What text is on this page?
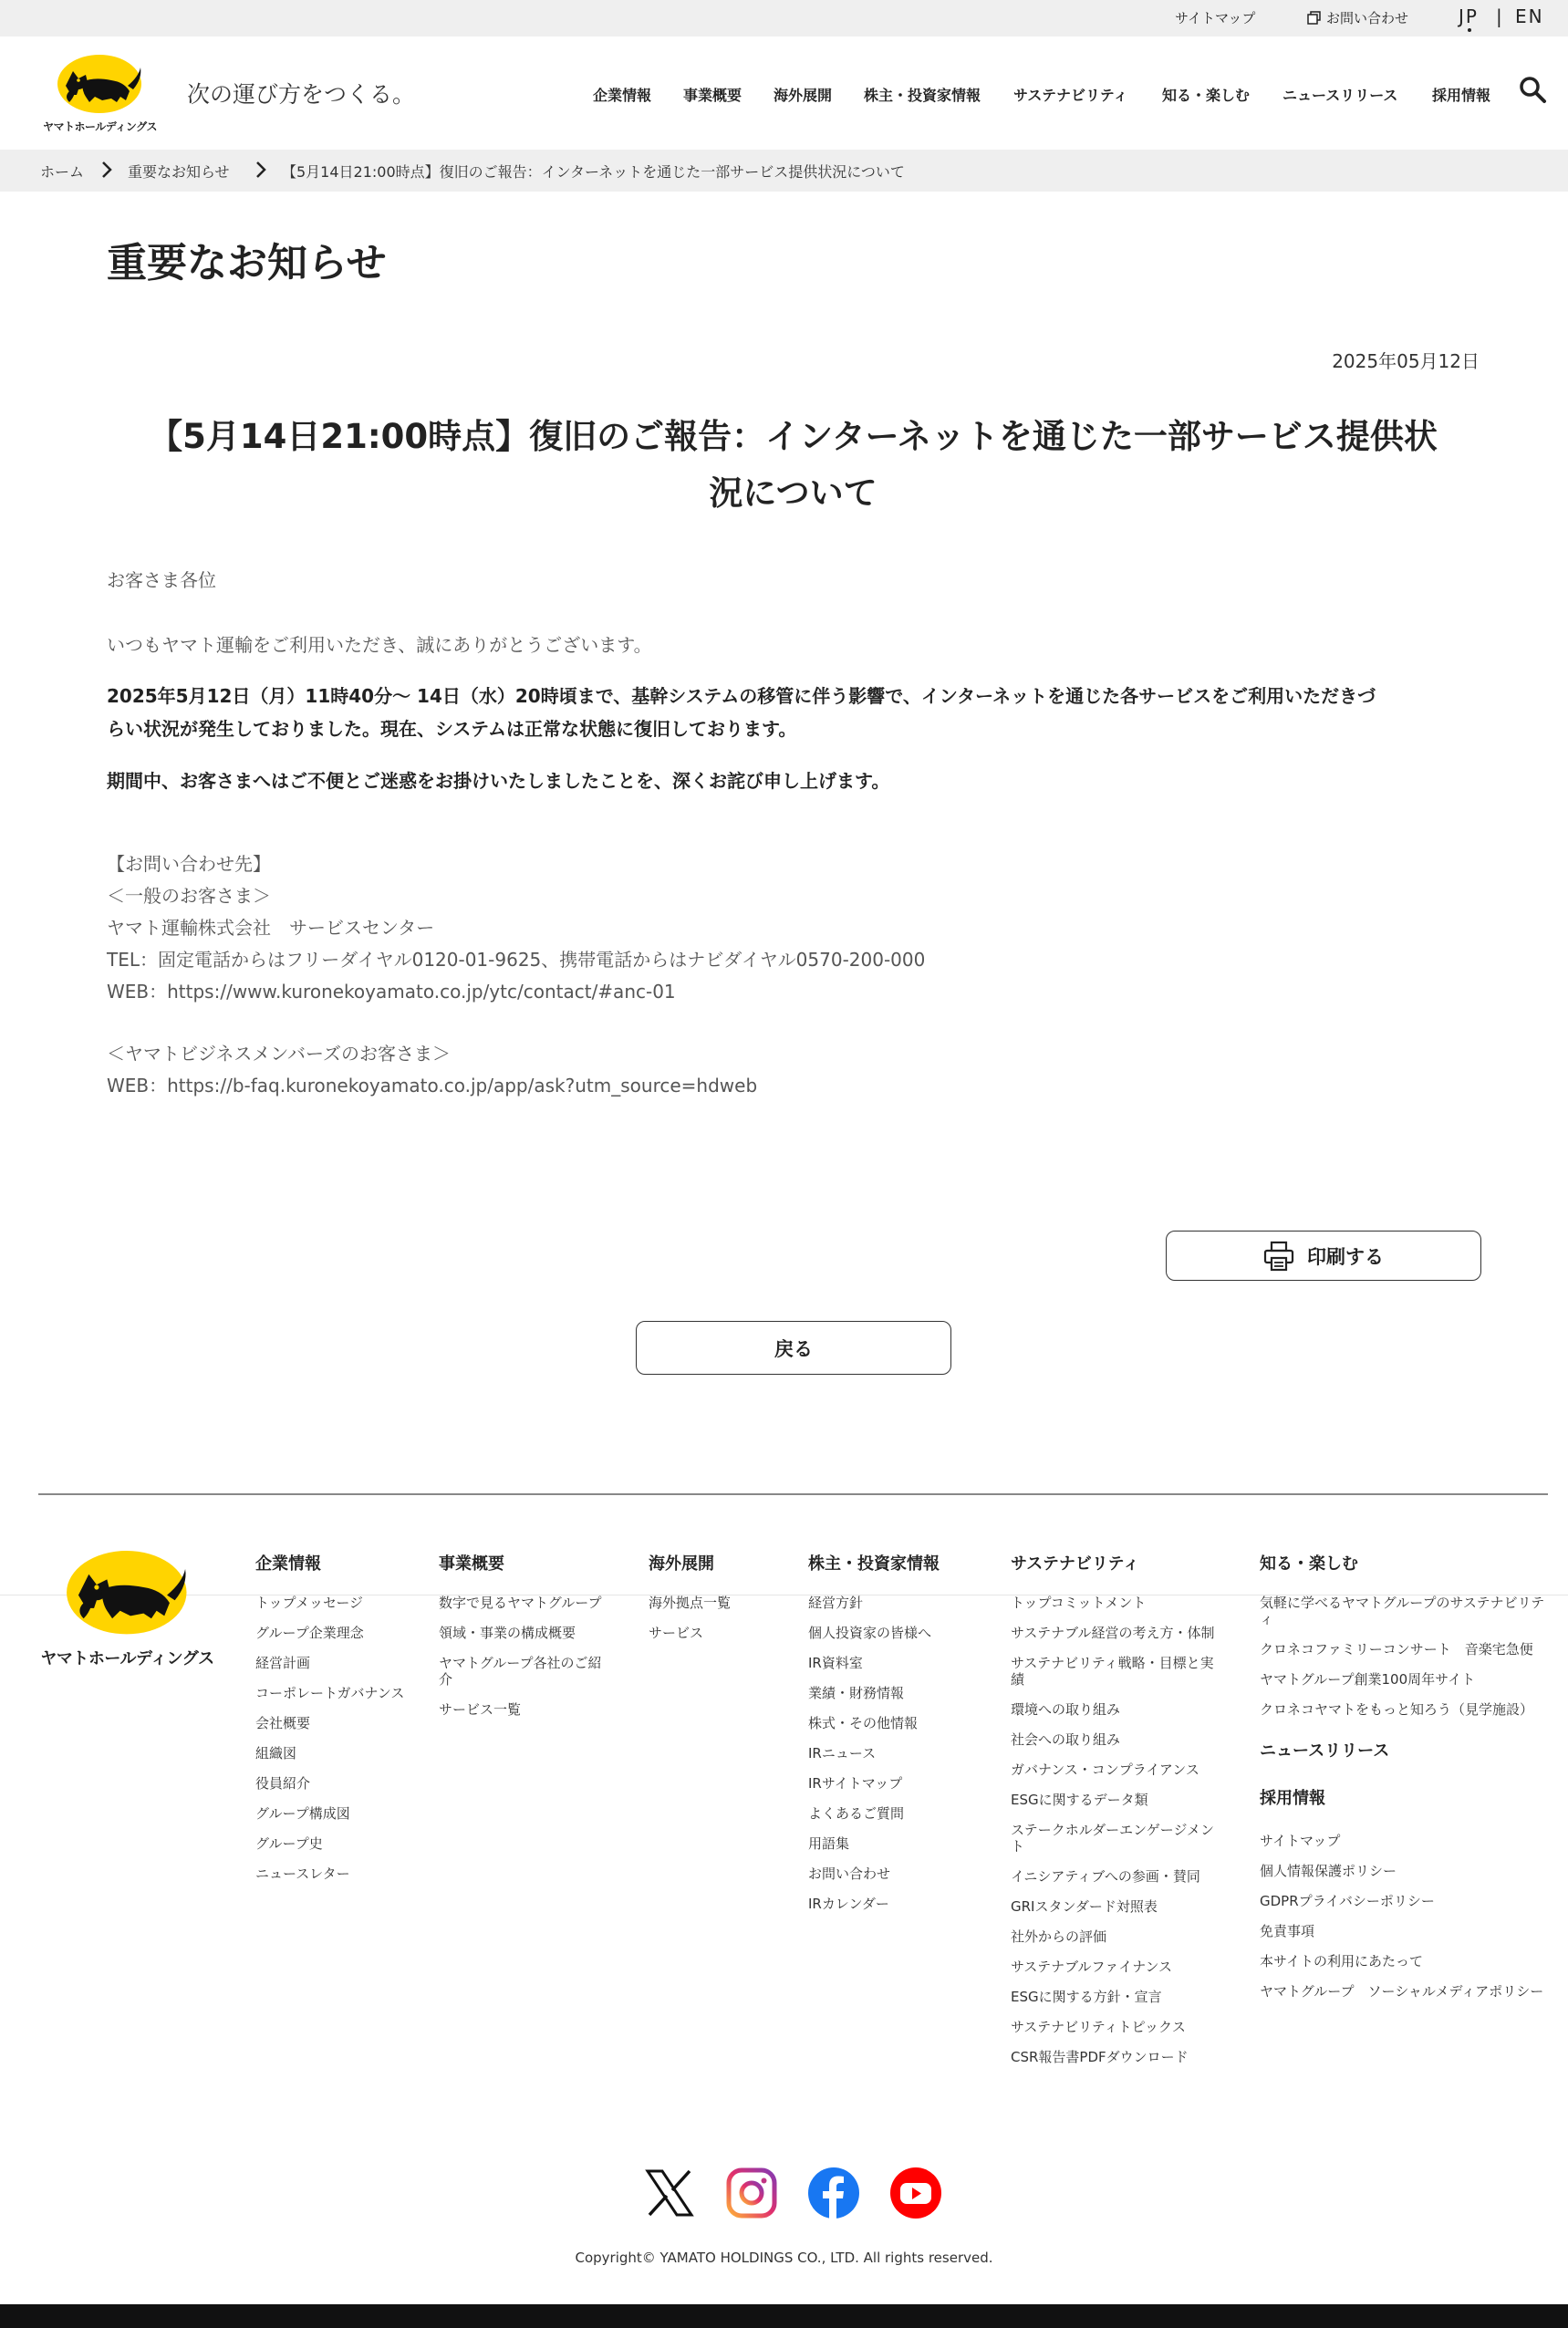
サイトマップ	お問い合わせ	JP | EN
ヤマトホールディングス
次の運び方をつくる。	企業情報 事業概要 海外展開 株主・投資家情報 サステナビリティ 知る・楽しむ ニュースリリース 採用情報
ホーム	重要なお知らせ	【5月14日21:00時点】復旧のご報告：インターネットを通じた一部サービス提供状況について
重要なお知らせ
2025年05月12日
【5月14日21:00時点】復旧のご報告：インターネットを通じた一部サービス提供状
況について

お客さま各位

いつもヤマト運輸をご利用いただき、誠にありがとうございます。

2025年5月12日（月）11時40分～ 14日（水）20時頃まで、基幹システムの移管に伴う影響で、インターネットを通じた各サービスをご利用いただきづ
らい状況が発生しておりました。現在、システムは正常な状態に復旧しております。

期間中、お客さまへはご不便とご迷惑をお掛けいたしましたことを、深くお詫び申し上げます。

【お問い合わせ先】
＜一般のお客さま＞
ヤマト運輸株式会社　サービスセンター
TEL：固定電話からはフリーダイヤル0120-01-9625、携帯電話からはナビダイヤル0570-200-000
WEB：https://www.kuronekoyamato.co.jp/ytc/contact/#anc-01
＜ヤマトビジネスメンバーズのお客さま＞
WEB：https://b-faq.kuronekoyamato.co.jp/app/ask?utm_source=hdweb
印刷する
戻る
ヤマトホールディングス
企業情報
トップメッセージ
グループ企業理念
経営計画
コーポレートガバナンス
会社概要
組織図
役員紹介
グループ構成図
グループ史
ニュースレター
事業概要
数字で見るヤマトグループ
領域・事業の構成概要
ヤマトグループ各社のご紹介
サービス一覧
海外展開
海外拠点一覧
サービス
株主・投資家情報
経営方針
個人投資家の皆様へ
IR資料室
業績・財務情報
株式・その他情報
IRニュース
IRサイトマップ
よくあるご質問
用語集
お問い合わせ
IRカレンダー
サステナビリティ
トップコミットメント
サステナブル経営の考え方・体制
サステナビリティ戦略・目標と実績
環境への取り組み
社会への取り組み
ガバナンス・コンプライアンス
ESGに関するデータ類
ステークホルダーエンゲージメント
イニシアティブへの参画・賛同
GRIスタンダード対照表
社外からの評価
サステナブルファイナンス
ESGに関する方針・宣言
サステナビリティトピックス
CSR報告書PDFダウンロード
知る・楽しむ
気軽に学べるヤマトグループのサステナビリティ
クロネコファミリーコンサート　音楽宅急便
ヤマトグループ創業100周年サイト
クロネコヤマトをもっと知ろう（見学施設）
ニュースリリース
採用情報
サイトマップ
個人情報保護ポリシー
GDPRプライバシーポリシー
免責事項
本サイトの利用にあたって
ヤマトグループ　ソーシャルメディアポリシー
Copyright© YAMATO HOLDINGS CO., LTD. All rights reserved.
